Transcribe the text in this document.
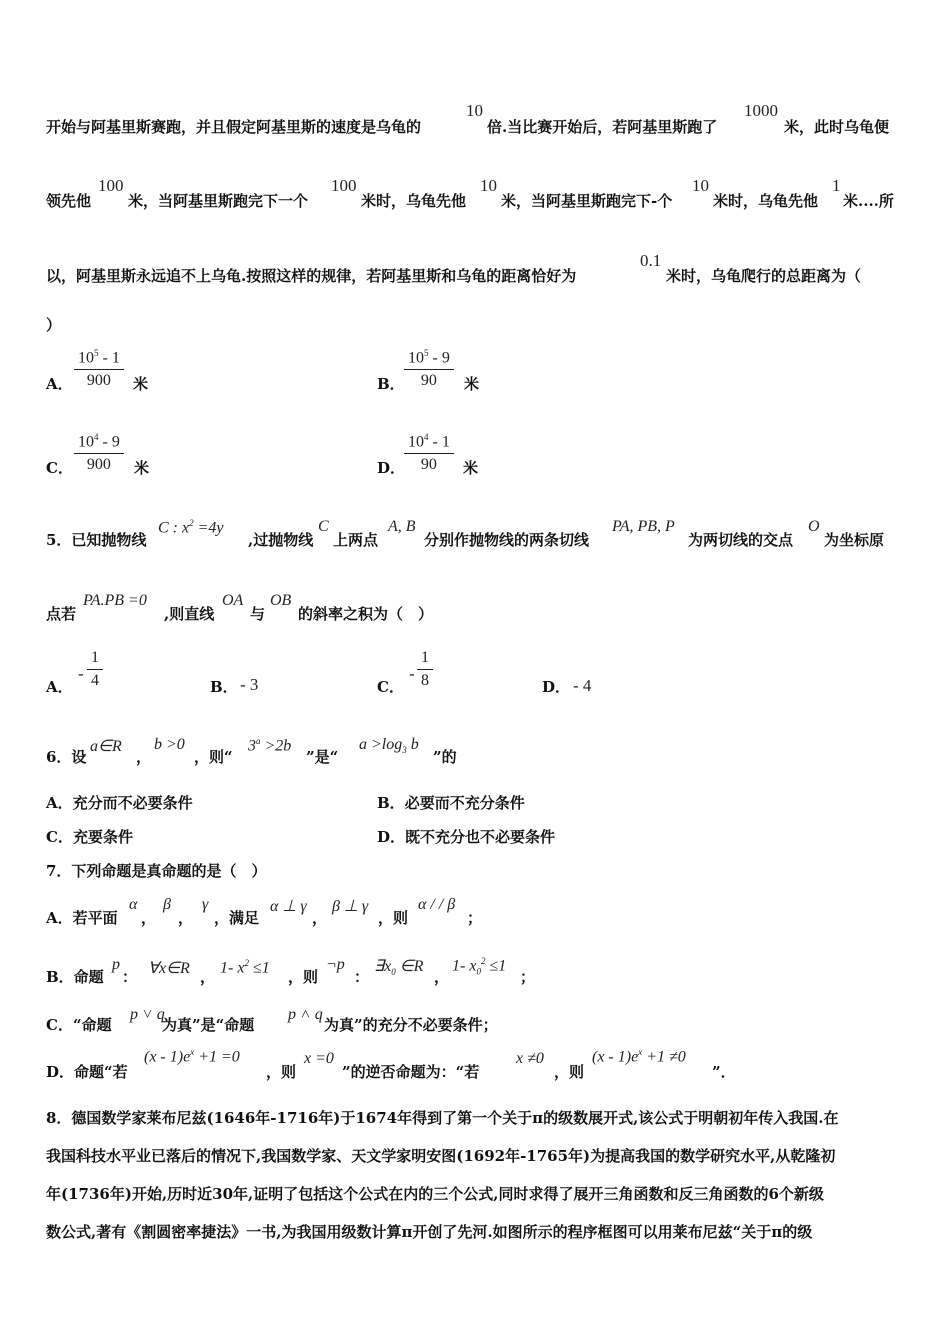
开始与阿基里斯赛跑，并且假定阿基里斯的速度是乌龟的
10
倍.当比赛开始后，若阿基里斯跑了
1000
米，此时乌龟便
领先他
100
米，当阿基里斯跑完下一个
100
米时，乌龟先他
10
米，当阿基里斯跑完下-个
10
米时，乌龟先他
1
米....所
以，阿基里斯永远追不上乌龟.按照这样的规律，若阿基里斯和乌龟的距离恰好为
0.1
米时，乌龟爬行的总距离为（
）
A． $\frac{10^5 - 1}{900}$ 米	B． $\frac{10^5 - 9}{90}$ 米
C． $\frac{10^4 - 9}{900}$ 米	D．
$\frac{10^4 - 1}{90}$ 米
5．已知抛物线
C : $x^2 =4y$
,过抛物线
C
上两点
A, B
分别作抛物线的两条切线
PA, PB, P
为两切线的交点
O
为坐标原
点若
PA.PB =0
,则直线
OA
与
OB
的斜率之积为（　）
A．
- $\frac{1}{4}$	B． - 3	C．
- $\frac{1}{8}$	D． - 4
6．设
a∈R
，
b >0
，则“
$3^a >2b$
”是“
$a >\log_3$ b
”的
A．充分而不必要条件	B．必要而不充分条件
C．充要条件	D．既不充分也不必要条件
7．下列命题是真命题的是（　）
A．若平面
α
，
β
，
γ
，满足
α ⊥ γ
，
β ⊥ γ
，则
α / / β
；
B．命题
p
： ∀x∈R ，
1- $x^2 \le 1$
，则
¬p
：
$\exists x_0$ ∈R
，
1- $x_0^2 \le 1$
；
C．“命题
p ˅ q
为真”是“命题
p ˄ q
为真”的充分不必要条件；
D．命题“若
$(x - 1)e^x +1 =0$
，则
x =0
”的逆否命题为：“若
x ≠0
，则
$(x - 1)e^x +1 \ne 0$
”．
8．德国数学家莱布尼兹(1646年-1716年)于1674年得到了第一个关于π的级数展开式,该公式于明朝初年传入我国.在
我国科技水平业已落后的情况下,我国数学家、天文学家明安图(1692年-1765年)为提高我国的数学研究水平,从乾隆初
年(1736年)开始,历时近30年,证明了包括这个公式在内的三个公式,同时求得了展开三角函数和反三角函数的6个新级
数公式,著有《割圆密率捷法》一书,为我国用级数计算π开创了先河.如图所示的程序框图可以用莱布尼兹“关于π的级
